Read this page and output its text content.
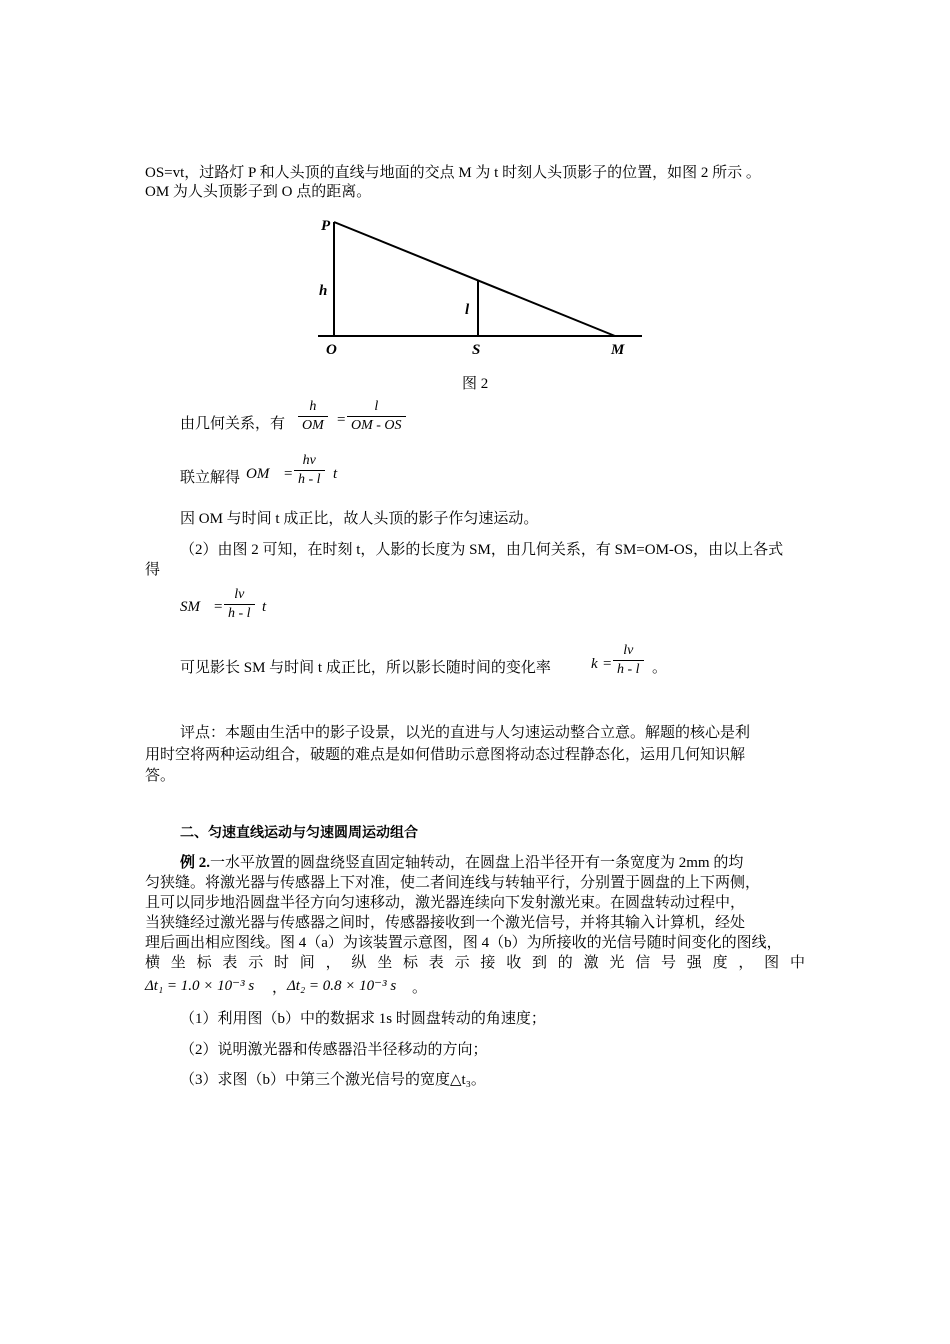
OS=vt，过路灯 P 和人头顶的直线与地面的交点 M 为 t 时刻人头顶影子的位置，如图 2 所示 。
OM 为人头顶影子到 O 点的距离。
P
h
l
O	S	M
图 2
由几何关系，有
h
OM =
l
OM - OS
联立解得 OM =
hv
h - l t
因 OM 与时间 t 成正比，故人头顶的影子作匀速运动。
（2）由图 2 可知，在时刻 t，人影的长度为 SM，由几何关系，有 SM=OM-OS，由以上各式
得
SM =
lv
h - l t
可见影长 SM 与时间 t 成正比，所以影长随时间的变化率	k =
lv
h - l 。
评点：本题由生活中的影子设景，以光的直进与人匀速运动整合立意。解题的核心是利
用时空将两种运动组合，破题的难点是如何借助示意图将动态过程静态化，运用几何知识解
答。
二、匀速直线运动与匀速圆周运动组合
例 2.一水平放置的圆盘绕竖直固定轴转动，在圆盘上沿半径开有一条宽度为 2mm 的均
匀狭缝。将激光器与传感器上下对准，使二者间连线与转轴平行，分别置于圆盘的上下两侧，
且可以同步地沿圆盘半径方向匀速移动，激光器连续向下发射激光束。在圆盘转动过程中，
当狭缝经过激光器与传感器之间时，传感器接收到一个激光信号，并将其输入计算机，经处
理后画出相应图线。图 4（a）为该装置示意图，图 4（b）为所接收的光信号随时间变化的图线，
横 坐 标 表 示 时 间 ， 纵 坐 标 表 示 接 收 到 的 激 光 信 号 强 度 ， 图 中
Δt₁ = 1.0 × 10⁻³ s ， Δt₂ = 0.8 × 10⁻³ s 。
（1）利用图（b）中的数据求 1s 时圆盘转动的角速度；
（2）说明激光器和传感器沿半径移动的方向；
（3）求图（b）中第三个激光信号的宽度△t₃。
